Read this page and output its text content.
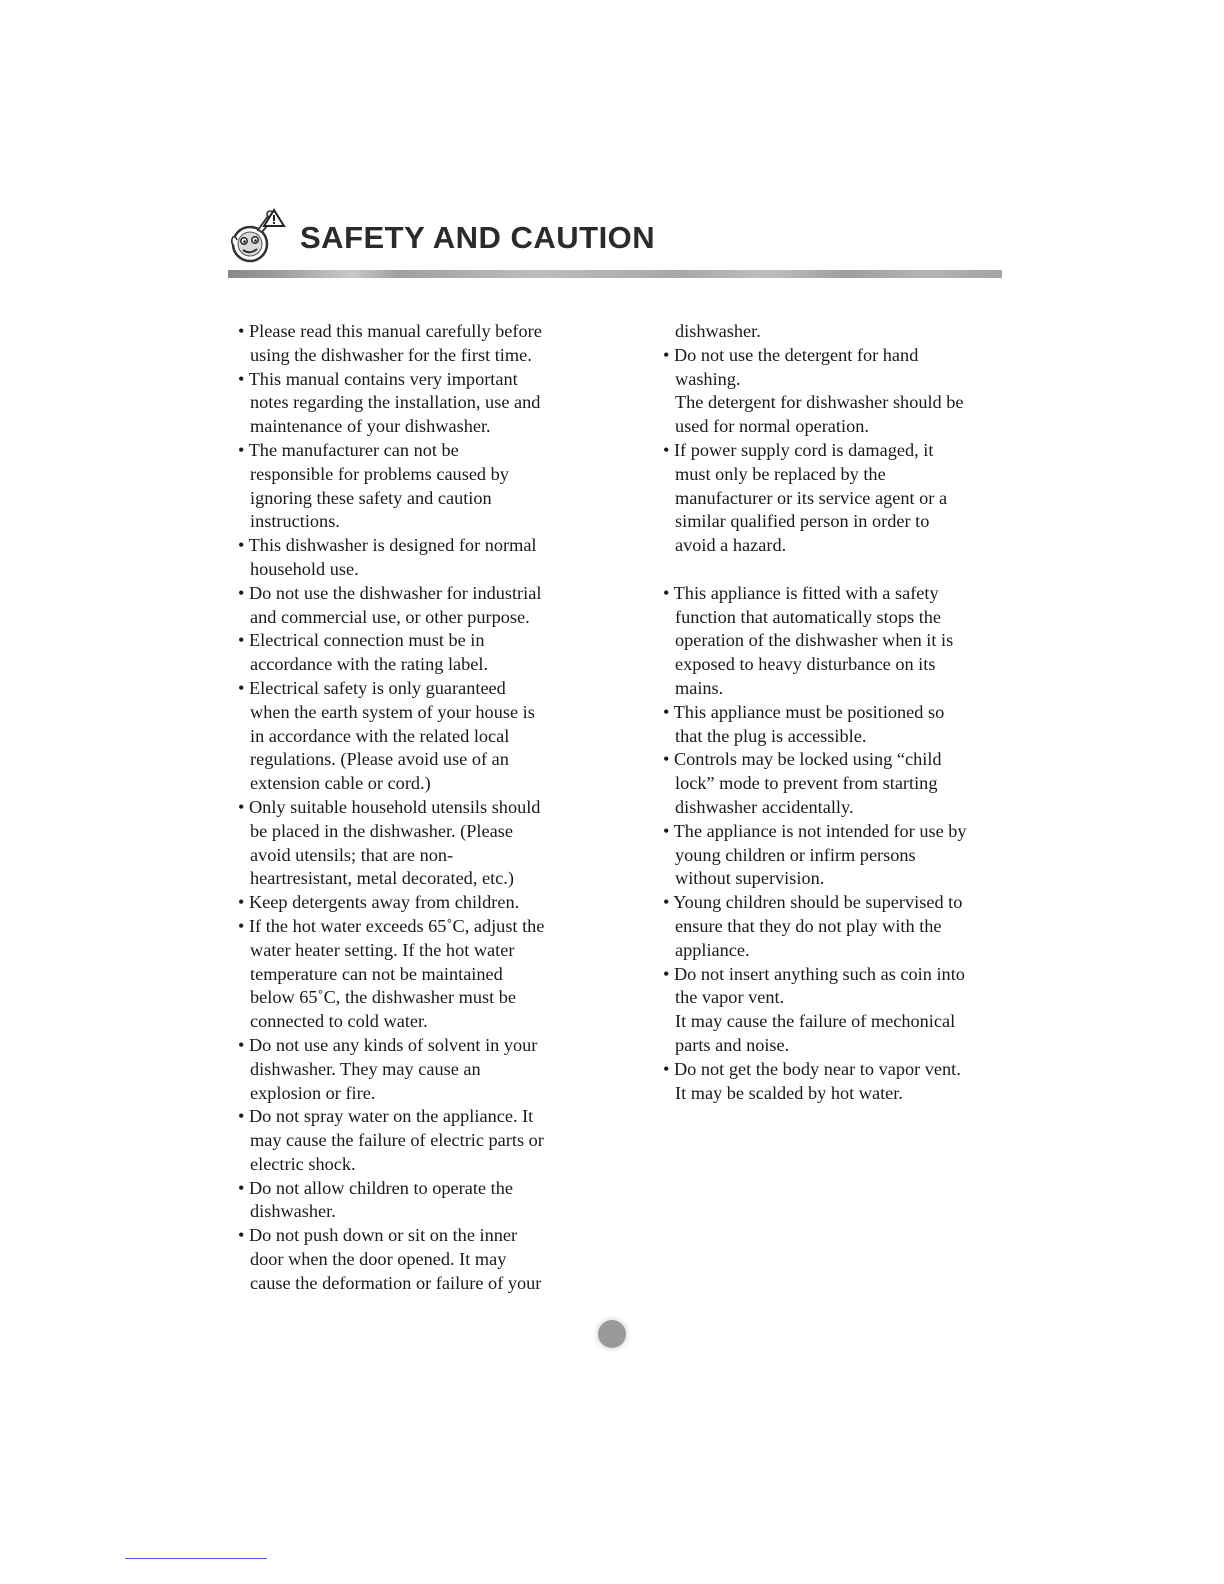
SAFETY AND CAUTION

• Please read this manual carefully before

using the dishwasher for the first time.

• This manual contains very important

notes regarding the installation, use and

maintenance of your dishwasher.

• The manufacturer can not be

responsible for problems caused by

ignoring these safety and caution

instructions.

• This dishwasher is designed for normal

household use.

• Do not use the dishwasher for industrial

and commercial use, or other purpose.

• Electrical connection must be in

accordance with the rating label.

• Electrical safety is only guaranteed

when the earth system of your house is

in accordance with the related local

regulations. (Please avoid use of an

extension cable or cord.)

• Only suitable household utensils should

be placed in the dishwasher. (Please

avoid utensils; that are non-

heartresistant, metal decorated, etc.)

• Keep detergents away from children.

• If the hot water exceeds 65˚C, adjust the

water heater setting. If the hot water

temperature can not be maintained

below 65˚C, the dishwasher must be

connected to cold water.

• Do not use any kinds of solvent in your

dishwasher. They may cause an

explosion or fire.

• Do not spray water on the appliance. It

may cause the failure of electric parts or

electric shock.

• Do not allow children to operate the

dishwasher.

• Do not push down or sit on the inner

door when the door opened. It may

cause the deformation or failure of your

dishwasher.

• Do not use the detergent for hand

washing.

The detergent for dishwasher should be

used for normal operation.

• If power supply cord is damaged, it

must only be replaced by the

manufacturer or its service agent or a

similar qualified person in order to

avoid a hazard.

• This appliance is fitted with a safety

function that automatically stops the

operation of the dishwasher when it is

exposed to heavy disturbance on its

mains.

• This appliance must be positioned so

that the plug is accessible.

• Controls may be locked using “child

lock” mode to prevent from starting

dishwasher accidentally.

• The appliance is not intended for use by

young children or infirm persons

without supervision.

• Young children should be supervised to

ensure that they do not play with the

appliance.

• Do not insert anything such as coin into

the vapor vent.

It may cause the failure of mechonical

parts and noise.

• Do not get the body near to vapor vent.

It may be scalded by hot water.
